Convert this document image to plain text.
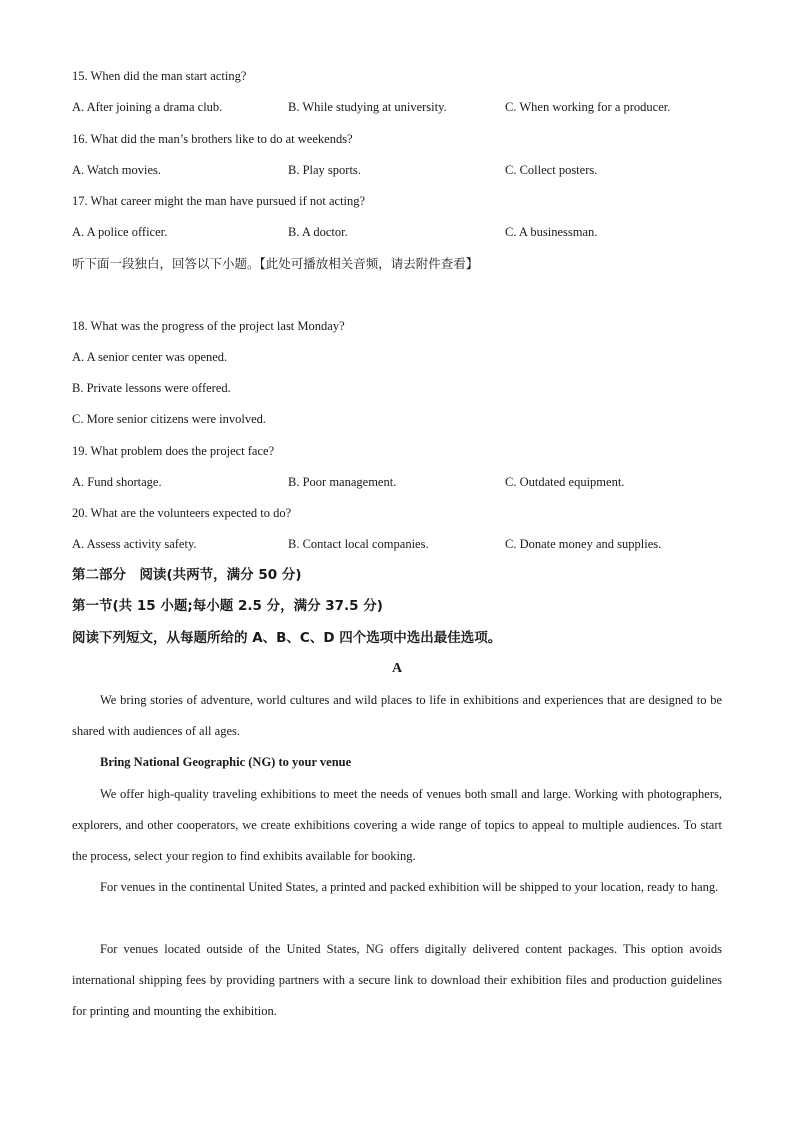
15. When did the man start acting?
A. After joining a drama club.	B. While studying at university.	C. When working for a producer.
16. What did the man’s brothers like to do at weekends?
A. Watch movies.	B. Play sports.	C. Collect posters.
17. What career might the man have pursued if not acting?
A. A police officer.	B. A doctor.	C. A businessman.
听下面一段独白，回答以下小题。【此处可播放相关音频，请去附件查看】
18. What was the progress of the project last Monday?
A. A senior center was opened.
B. Private lessons were offered.
C. More senior citizens were involved.
19. What problem does the project face?
A. Fund shortage.	B. Poor management.	C. Outdated equipment.
20. What are the volunteers expected to do?
A. Assess activity safety.	B. Contact local companies.	C. Donate money and supplies.
第二部分　阅读(共两节，满分 50 分)
第一节(共 15 小题;每小题 2.5 分，满分 37.5 分)
阅读下列短文，从每题所给的 A、B、C、D 四个选项中选出最佳选项。
A
We bring stories of adventure, world cultures and wild places to life in exhibitions and experiences that are designed to be shared with audiences of all ages.
Bring National Geographic (NG) to your venue
We offer high-quality traveling exhibitions to meet the needs of venues both small and large. Working with photographers, explorers, and other cooperators, we create exhibitions covering a wide range of topics to appeal to multiple audiences. To start the process, select your region to find exhibits available for booking.
For venues in the continental United States, a printed and packed exhibition will be shipped to your location, ready to hang.
For venues located outside of the United States, NG offers digitally delivered content packages. This option avoids international shipping fees by providing partners with a secure link to download their exhibition files and production guidelines for printing and mounting the exhibition.
